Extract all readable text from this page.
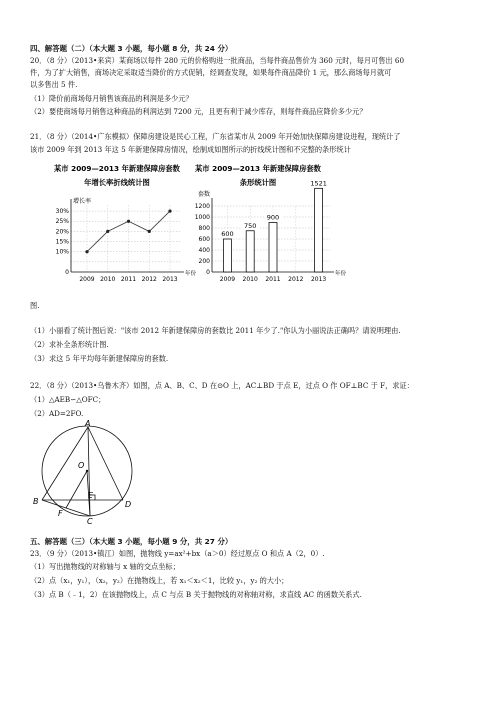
四、解答题（二）（本大题 3 小题，每小题 8 分，共 24 分）
20．（8 分）（2013•来宾）某商场以每件 280 元的价格购进一批商品，当每件商品售价为 360 元时，每月可售出 60
件，为了扩大销售，商场决定采取适当降价的方式促销，经调查发现，如果每件商品降价 1 元，那么商场每月就可
以多售出 5 件.
（1）降价前商场每月销售该商品的利润是多少元？
（2）要使商场每月销售这种商品的利润达到 7200 元，且更有利于减少库存，则每件商品应降价多少元？
21．（8 分）（2014•广东模拟）保障房建设是民心工程，广东省某市从 2009 年开始加快保障房建设进程，现统计了
该市 2009 年到 2013 年这 5 年新建保障房情况，绘制成如图所示的折线统计图和不完整的条形统计
某市 2009—2013 年新建保障房套数
年增长率折线统计图
增长率
0
10%
15%
20%
25%
30%
2009 2010 2011 2012 2013
年份
某市 2009—2013 年新建保障房套数
条形统计图
0
200
400
600
800
1000
1200
套数
600
750
900
1521
2009 2010 2011 2012 2013
年份
图.
（1）小丽看了统计图后说："该市 2012 年新建保障房的套数比 2011 年少了."你认为小丽说法正确吗？请说明理由.
（2）求补全条形统计图.
（3）求这 5 年平均每年新建保障房的套数.
22．（8 分）（2013•乌鲁木齐）如图，点 A、B、C、D 在⊙O 上，AC⊥BD 于点 E，过点 O 作 OF⊥BC 于 F，求证：
（1）△AEB∽△OFC；
（2）AD=2FO.
A
O
B
E
D
F
C
五、解答题（三）（本大题 3 小题，每小题 9 分，共 27 分）
23．（9 分）（2013•镇江）如图，抛物线 y=ax²+bx（a＞0）经过原点 O 和点 A（2，0）.
（1）写出抛物线的对称轴与 x 轴的交点坐标；
（2）点（x₁，y₁），（x₂，y₂）在抛物线上，若 x₁＜x₂＜1，比较 y₁，y₂ 的大小；
（3）点 B（﹣1，2）在该抛物线上，点 C 与点 B 关于抛物线的对称轴对称，求直线 AC 的函数关系式.
